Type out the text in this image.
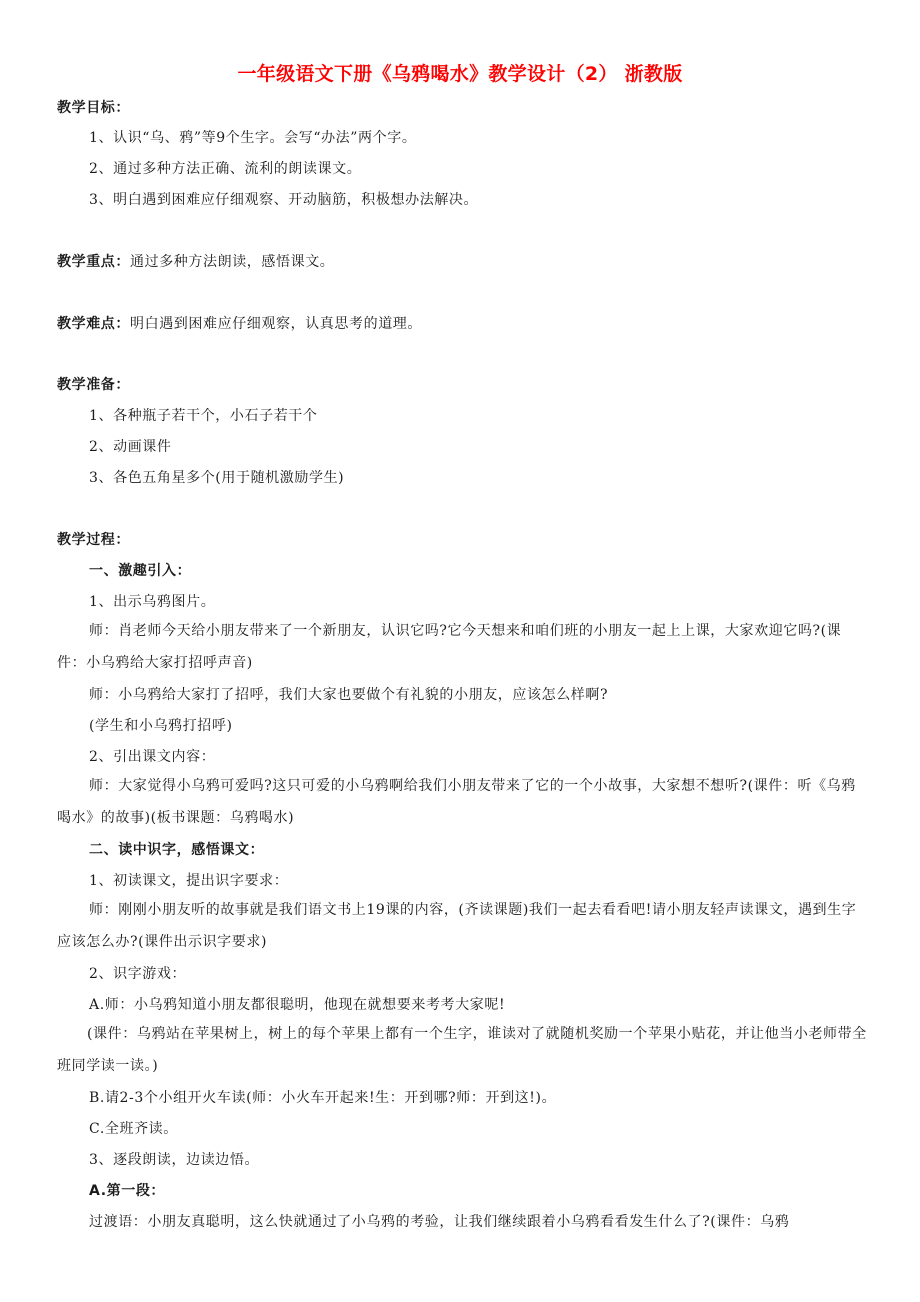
一年级语文下册《乌鸦喝水》教学设计（2） 浙教版
教学目标：
1、认识“乌、鸦”等9个生字。会写“办法”两个字。
2、通过多种方法正确、流利的朗读课文。
3、明白遇到困难应仔细观察、开动脑筋，积极想办法解决。
教学重点：通过多种方法朗读，感悟课文。
教学难点：明白遇到困难应仔细观察，认真思考的道理。
教学准备：
1、各种瓶子若干个，小石子若干个
2、动画课件
3、各色五角星多个(用于随机激励学生)
教学过程：
一、激趣引入：
1、出示乌鸦图片。
师：肖老师今天给小朋友带来了一个新朋友，认识它吗?它今天想来和咱们班的小朋友一起上上课，大家欢迎它吗?(课件：小乌鸦给大家打招呼声音)
师：小乌鸦给大家打了招呼，我们大家也要做个有礼貌的小朋友，应该怎么样啊?
(学生和小乌鸦打招呼)
2、引出课文内容：
师：大家觉得小乌鸦可爱吗?这只可爱的小乌鸦啊给我们小朋友带来了它的一个小故事，大家想不想听?(课件：听《乌鸦喝水》的故事)(板书课题：乌鸦喝水)
二、读中识字，感悟课文：
1、初读课文，提出识字要求：
师：刚刚小朋友听的故事就是我们语文书上19课的内容，(齐读课题)我们一起去看看吧!请小朋友轻声读课文，遇到生字应该怎么办?(课件出示识字要求)
2、识字游戏：
A.师：小乌鸦知道小朋友都很聪明，他现在就想要来考考大家呢!
(课件：乌鸦站在苹果树上，树上的每个苹果上都有一个生字，谁读对了就随机奖励一个苹果小贴花，并让他当小老师带全班同学读一读。)
B.请2-3个小组开火车读(师：小火车开起来!生：开到哪?师：开到这!)。
C.全班齐读。
3、逐段朗读，边读边悟。
A.第一段：
过渡语：小朋友真聪明，这么快就通过了小乌鸦的考验，让我们继续跟着小乌鸦看看发生什么了?(课件：乌鸦
